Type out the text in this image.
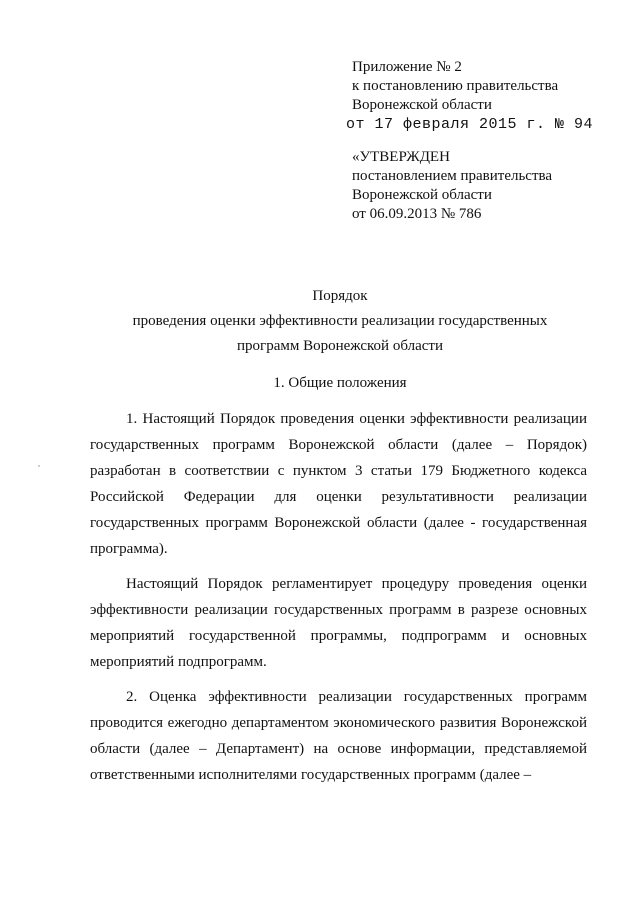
Приложение № 2
к постановлению правительства
Воронежской области
от 17 февраля 2015 г. № 94
«УТВЕРЖДЕН
постановлением правительства
Воронежской области
от 06.09.2013 № 786
Порядок
проведения оценки эффективности реализации государственных
программ Воронежской области
1. Общие положения

1. Настоящий Порядок проведения оценки эффективности реализации государственных программ Воронежской области (далее – Порядок) разработан в соответствии с пунктом 3 статьи 179 Бюджетного кодекса Российской Федерации для оценки результативности реализации государственных программ Воронежской области (далее - государственная программа).

Настоящий Порядок регламентирует процедуру проведения оценки эффективности реализации государственных программ в разрезе основных мероприятий государственной программы, подпрограмм и основных мероприятий подпрограмм.

2. Оценка эффективности реализации государственных программ проводится ежегодно департаментом экономического развития Воронежской области (далее – Департамент) на основе информации, представляемой ответственными исполнителями государственных программ (далее –
